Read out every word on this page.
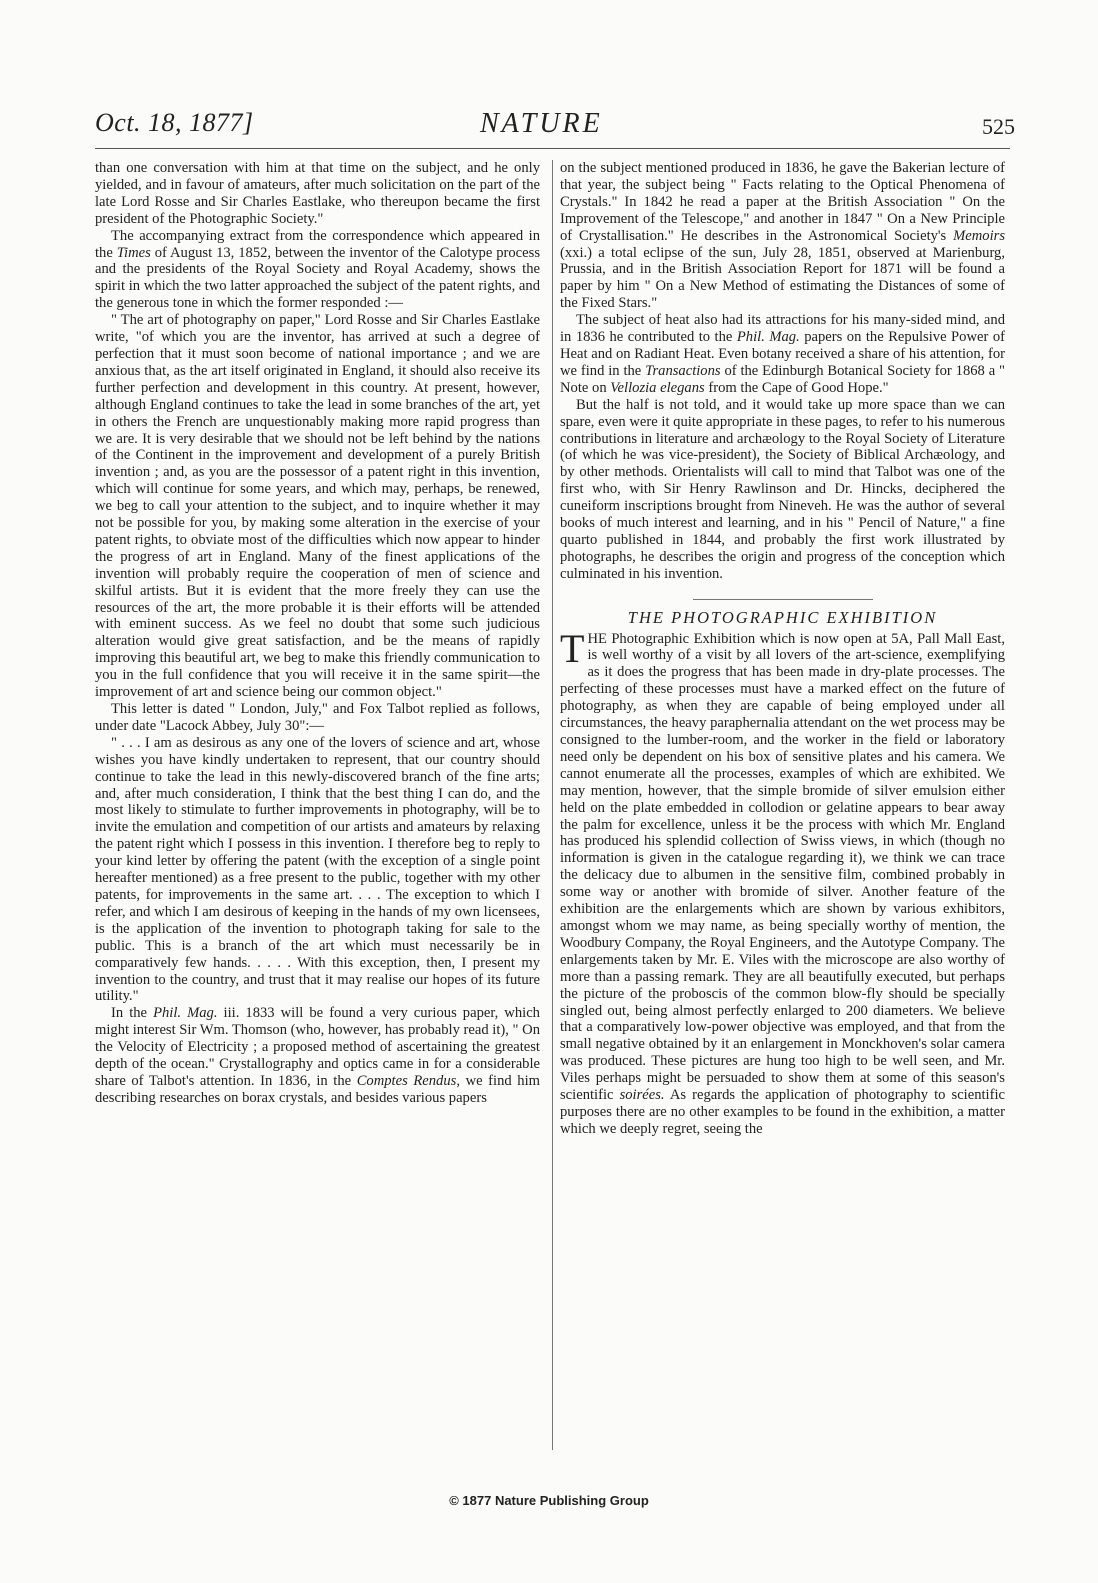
Oct. 18, 1877]	NATURE	525

than one conversation with him at that time on the subject, and he only yielded, and in favour of amateurs, after much solicitation on the part of the late Lord Rosse and Sir Charles Eastlake, who thereupon became the first president of the Photographic Society."

The accompanying extract from the correspondence which appeared in the Times of August 13, 1852, between the inventor of the Calotype process and the presidents of the Royal Society and Royal Academy, shows the spirit in which the two latter approached the subject of the patent rights, and the generous tone in which the former responded :—

" The art of photography on paper," Lord Rosse and Sir Charles Eastlake write, "of which you are the inventor, has arrived at such a degree of perfection that it must soon become of national importance ; and we are anxious that, as the art itself originated in England, it should also receive its further perfection and development in this country. At present, however, although England continues to take the lead in some branches of the art, yet in others the French are unquestionably making more rapid progress than we are. It is very desirable that we should not be left behind by the nations of the Continent in the improvement and development of a purely British invention ; and, as you are the possessor of a patent right in this invention, which will continue for some years, and which may, perhaps, be renewed, we beg to call your attention to the subject, and to inquire whether it may not be possible for you, by making some alteration in the exercise of your patent rights, to obviate most of the difficulties which now appear to hinder the progress of art in England. Many of the finest applications of the invention will probably require the cooperation of men of science and skilful artists. But it is evident that the more freely they can use the resources of the art, the more probable it is their efforts will be attended with eminent success. As we feel no doubt that some such judicious alteration would give great satisfaction, and be the means of rapidly improving this beautiful art, we beg to make this friendly communication to you in the full confidence that you will receive it in the same spirit—the improvement of art and science being our common object."

This letter is dated " London, July," and Fox Talbot replied as follows, under date "Lacock Abbey, July 30":—

" . . . I am as desirous as any one of the lovers of science and art, whose wishes you have kindly undertaken to represent, that our country should continue to take the lead in this newly-discovered branch of the fine arts; and, after much consideration, I think that the best thing I can do, and the most likely to stimulate to further improvements in photography, will be to invite the emulation and competition of our artists and amateurs by relaxing the patent right which I possess in this invention. I therefore beg to reply to your kind letter by offering the patent (with the exception of a single point hereafter mentioned) as a free present to the public, together with my other patents, for improvements in the same art. . . . The exception to which I refer, and which I am desirous of keeping in the hands of my own licensees, is the application of the invention to photograph taking for sale to the public. This is a branch of the art which must necessarily be in comparatively few hands. . . . . With this exception, then, I present my invention to the country, and trust that it may realise our hopes of its future utility."

In the Phil. Mag. iii. 1833 will be found a very curious paper, which might interest Sir Wm. Thomson (who, however, has probably read it), " On the Velocity of Electricity ; a proposed method of ascertaining the greatest depth of the ocean." Crystallography and optics came in for a considerable share of Talbot's attention. In 1836, in the Comptes Rendus, we find him describing researches on borax crystals, and besides various papers

on the subject mentioned produced in 1836, he gave the Bakerian lecture of that year, the subject being " Facts relating to the Optical Phenomena of Crystals." In 1842 he read a paper at the British Association " On the Improvement of the Telescope," and another in 1847 " On a New Principle of Crystallisation." He describes in the Astronomical Society's Memoirs (xxi.) a total eclipse of the sun, July 28, 1851, observed at Marienburg, Prussia, and in the British Association Report for 1871 will be found a paper by him " On a New Method of estimating the Distances of some of the Fixed Stars."

The subject of heat also had its attractions for his many-sided mind, and in 1836 he contributed to the Phil. Mag. papers on the Repulsive Power of Heat and on Radiant Heat. Even botany received a share of his attention, for we find in the Transactions of the Edinburgh Botanical Society for 1868 a " Note on Vellozia elegans from the Cape of Good Hope."

But the half is not told, and it would take up more space than we can spare, even were it quite appropriate in these pages, to refer to his numerous contributions in literature and archæology to the Royal Society of Literature (of which he was vice-president), the Society of Biblical Archæology, and by other methods. Orientalists will call to mind that Talbot was one of the first who, with Sir Henry Rawlinson and Dr. Hincks, deciphered the cuneiform inscriptions brought from Nineveh. He was the author of several books of much interest and learning, and in his " Pencil of Nature," a fine quarto published in 1844, and probably the first work illustrated by photographs, he describes the origin and progress of the conception which culminated in his invention.

THE PHOTOGRAPHIC EXHIBITION

THE Photographic Exhibition which is now open at 5A, Pall Mall East, is well worthy of a visit by all lovers of the art-science, exemplifying as it does the progress that has been made in dry-plate processes. The perfecting of these processes must have a marked effect on the future of photography, as when they are capable of being employed under all circumstances, the heavy paraphernalia attendant on the wet process may be consigned to the lumber-room, and the worker in the field or laboratory need only be dependent on his box of sensitive plates and his camera. We cannot enumerate all the processes, examples of which are exhibited. We may mention, however, that the simple bromide of silver emulsion either held on the plate embedded in collodion or gelatine appears to bear away the palm for excellence, unless it be the process with which Mr. England has produced his splendid collection of Swiss views, in which (though no information is given in the catalogue regarding it), we think we can trace the delicacy due to albumen in the sensitive film, combined probably in some way or another with bromide of silver. Another feature of the exhibition are the enlargements which are shown by various exhibitors, amongst whom we may name, as being specially worthy of mention, the Woodbury Company, the Royal Engineers, and the Autotype Company. The enlargements taken by Mr. E. Viles with the microscope are also worthy of more than a passing remark. They are all beautifully executed, but perhaps the picture of the proboscis of the common blow-fly should be specially singled out, being almost perfectly enlarged to 200 diameters. We believe that a comparatively low-power objective was employed, and that from the small negative obtained by it an enlargement in Monckhoven's solar camera was produced. These pictures are hung too high to be well seen, and Mr. Viles perhaps might be persuaded to show them at some of this season's scientific soirées. As regards the application of photography to scientific purposes there are no other examples to be found in the exhibition, a matter which we deeply regret, seeing the

© 1877 Nature Publishing Group
